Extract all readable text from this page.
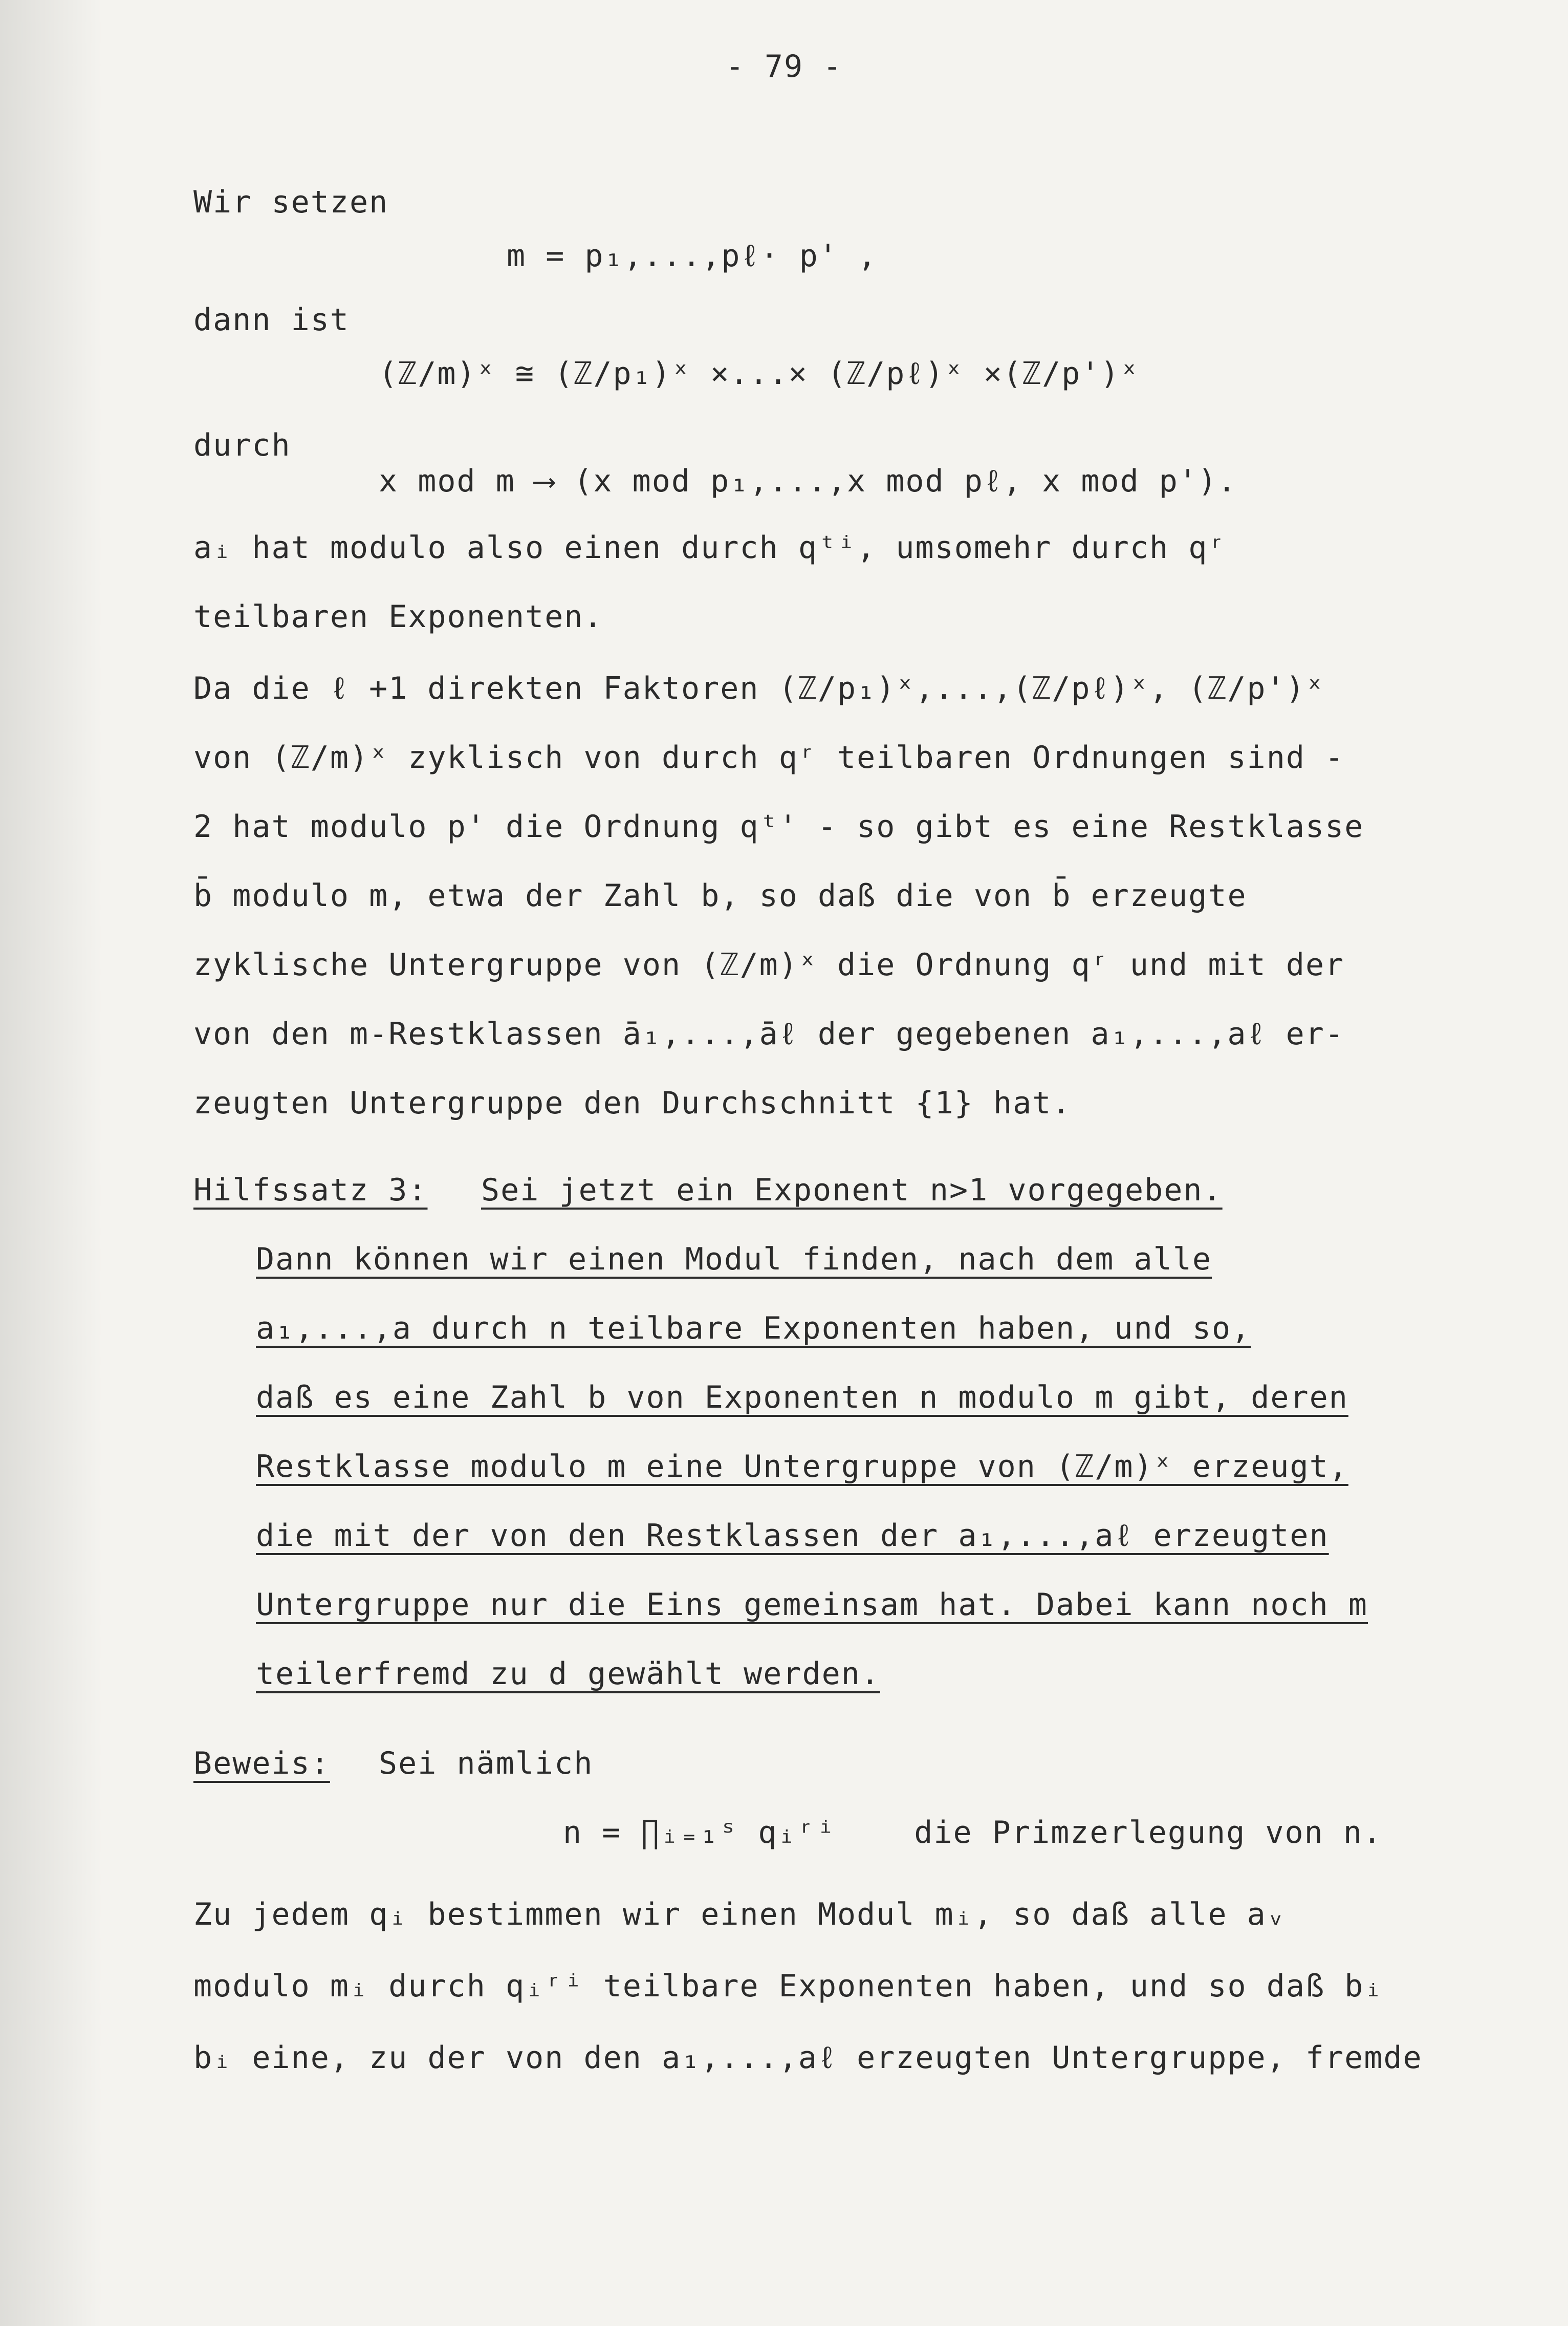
- 79 -
Wir setzen
m = p₁,...,pℓ· p' ,
dann ist
(ℤ/m)ˣ ≅ (ℤ/p₁)ˣ ×...× (ℤ/pℓ)ˣ ×(ℤ/p')ˣ
durch
x mod m ⟶ (x mod p₁,...,x mod pℓ, x mod p').
aᵢ hat modulo also einen durch qᵗⁱ, umsomehr durch qʳ
teilbaren Exponenten.
Da die ℓ +1 direkten Faktoren (ℤ/p₁)ˣ,...,(ℤ/pℓ)ˣ, (ℤ/p')ˣ
von (ℤ/m)ˣ zyklisch von durch qʳ teilbaren Ordnungen sind -
2 hat modulo p' die Ordnung qᵗ' - so gibt es eine Restklasse
b̄ modulo m, etwa der Zahl b, so daß die von b̄ erzeugte
zyklische Untergruppe von (ℤ/m)ˣ die Ordnung qʳ und mit der
von den m-Restklassen ā₁,...,āℓ der gegebenen a₁,...,aℓ er-
zeugten Untergruppe den Durchschnitt {1} hat.
Hilfssatz 3: Sei jetzt ein Exponent n>1 vorgegeben.
Dann können wir einen Modul finden, nach dem alle
a₁,...,a durch n teilbare Exponenten haben, und so,
daß es eine Zahl b von Exponenten n modulo m gibt, deren
Restklasse modulo m eine Untergruppe von (ℤ/m)ˣ erzeugt,
die mit der von den Restklassen der a₁,...,aℓ erzeugten
Untergruppe nur die Eins gemeinsam hat. Dabei kann noch m
teilerfremd zu d gewählt werden.
Beweis: Sei nämlich
n = ∏ᵢ₌₁ˢ qᵢʳⁱ    die Primzerlegung von n.
Zu jedem qᵢ bestimmen wir einen Modul mᵢ, so daß alle aᵥ
modulo mᵢ durch qᵢʳⁱ teilbare Exponenten haben, und so daß bᵢ
bᵢ eine, zu der von den a₁,...,aℓ erzeugten Untergruppe, fremde
